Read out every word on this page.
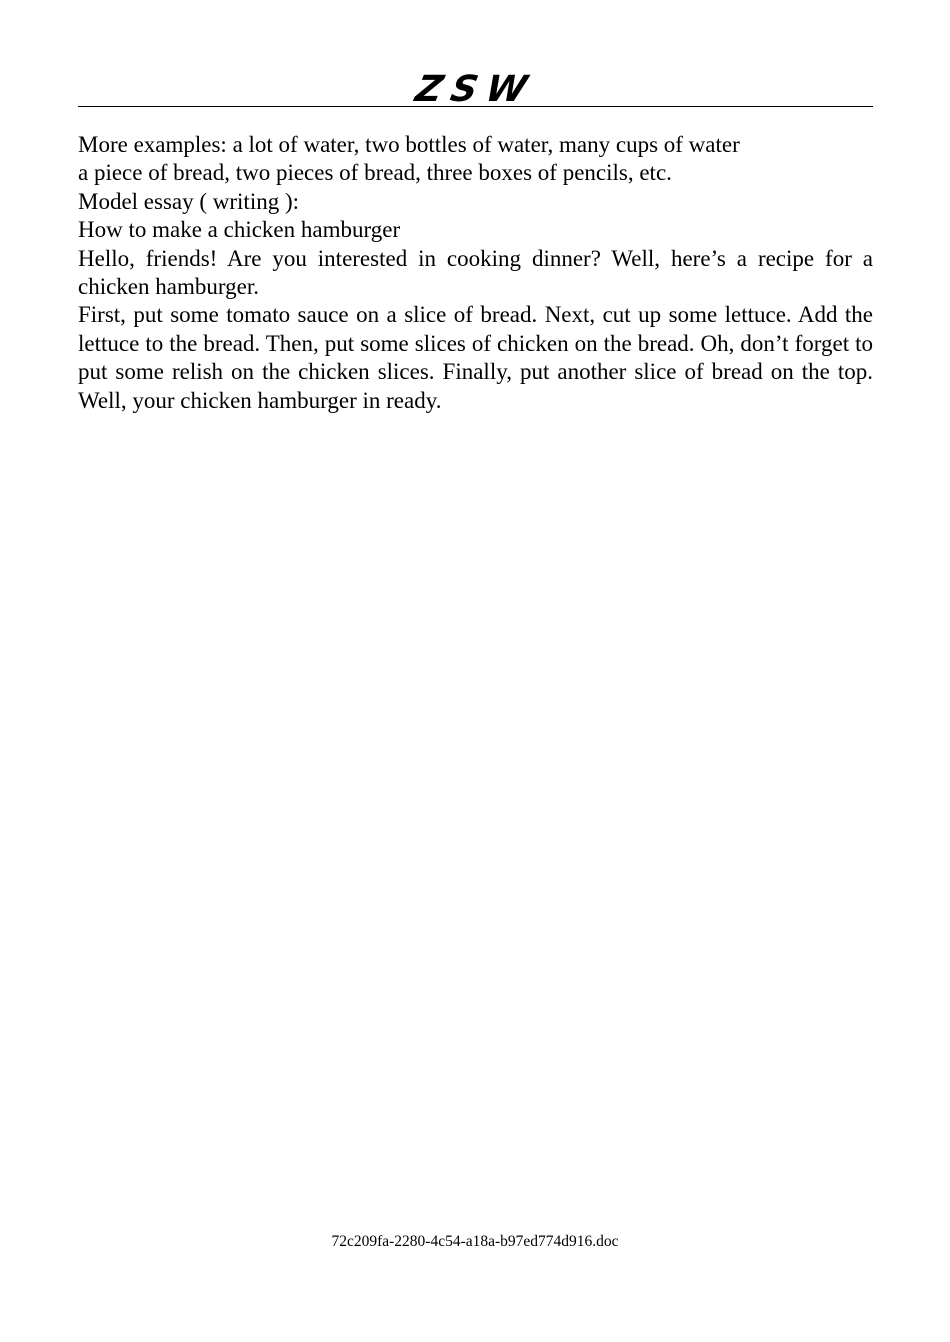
ZSW

More examples: a lot of water, two bottles of water, many cups of water

a piece of bread, two pieces of bread, three boxes of pencils, etc.

Model essay ( writing ):

How to make a chicken hamburger

Hello, friends! Are you interested in cooking dinner? Well, here’s a recipe for a chicken hamburger.

First, put some tomato sauce on a slice of bread. Next, cut up some lettuce. Add the lettuce to the bread. Then, put some slices of chicken on the bread. Oh, don’t forget to put some relish on the chicken slices. Finally, put another slice of bread on the top. Well, your chicken hamburger in ready.

72c209fa-2280-4c54-a18a-b97ed774d916.doc
